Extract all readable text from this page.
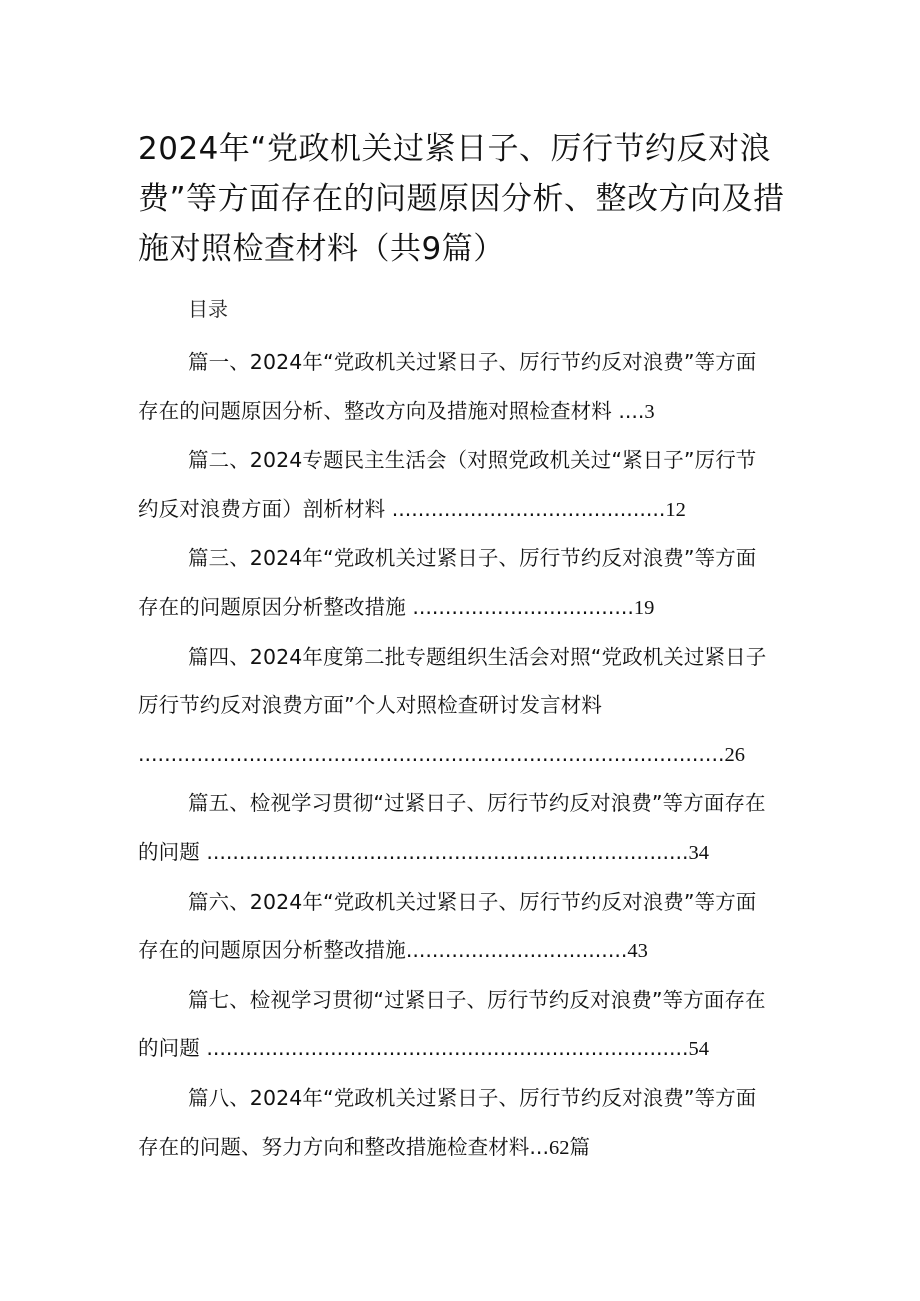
2024年“党政机关过紧日子、厉行节约反对浪费”等方面存在的问题原因分析、整改方向及措施对照检查材料（共9篇）
目录
篇一、2024年“党政机关过紧日子、厉行节约反对浪费”等方面存在的问题原因分析、整改方向及措施对照检查材料 ....3
篇二、2024专题民主生活会（对照党政机关过“紧日子”厉行节约反对浪费方面）剖析材料 ..........................................12
篇三、2024年“党政机关过紧日子、厉行节约反对浪费”等方面存在的问题原因分析整改措施 ..................................19
篇四、2024年度第二批专题组织生活会对照“党政机关过紧日子厉行节约反对浪费方面”个人对照检查研讨发言材料 ..........................................................................................26
篇五、检视学习贯彻“过紧日子、厉行节约反对浪费”等方面存在的问题 ..........................................................................34
篇六、2024年“党政机关过紧日子、厉行节约反对浪费”等方面存在的问题原因分析整改措施..................................43
篇七、检视学习贯彻“过紧日子、厉行节约反对浪费”等方面存在的问题 ..........................................................................54
篇八、2024年“党政机关过紧日子、厉行节约反对浪费”等方面存在的问题、努力方向和整改措施检查材料...62篇
